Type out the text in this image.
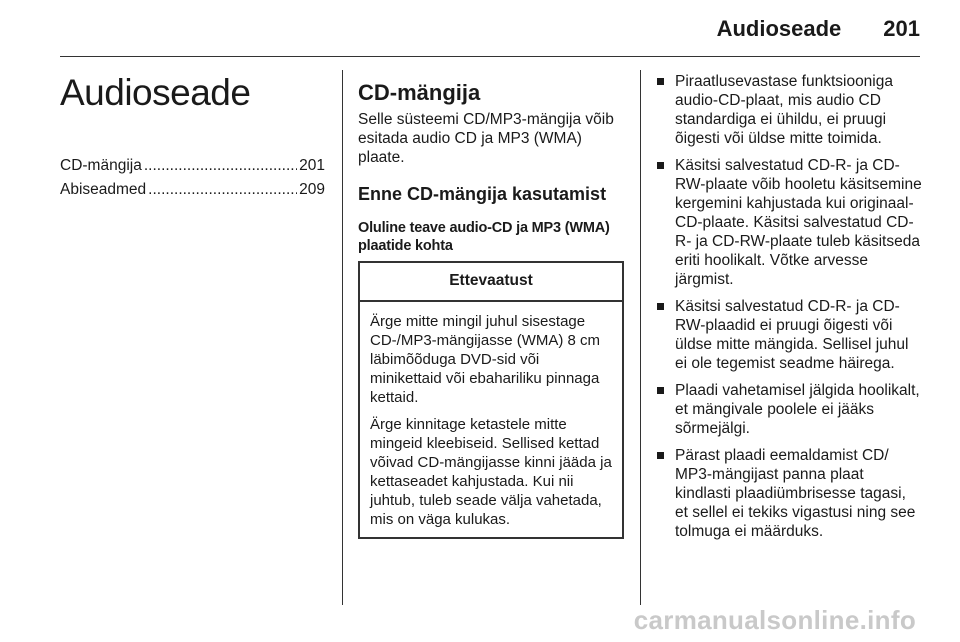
Audioseade 201
Audioseade
CD-mängija .....	201
Abiseadmed .....	209
CD-mängija

Selle süsteemi CD/MP3-mängija võib esitada audio CD ja MP3 (WMA) plaate.

Enne CD-mängija kasutamist

Oluline teave audio-CD ja MP3 (WMA) plaatide kohta

Ettevaatust

Ärge mitte mingil juhul sisestage CD-/MP3-mängijasse (WMA) 8 cm läbimõõduga DVD-sid või minikettaid või ebahariliku pinnaga kettaid.

Ärge kinnitage ketastele mitte mingeid kleebiseid. Sellised kettad võivad CD-mängijasse kinni jääda ja kettaseadet kahjustada. Kui nii juhtub, tuleb seade välja vahetada, mis on väga kulukas.

Piraatlusevastase funktsiooniga audio-CD-plaat, mis audio CD standardiga ei ühildu, ei pruugi õigesti või üldse mitte toimida.
Käsitsi salvestatud CD-R- ja CD-RW-plaate võib hooletu käsitsemine kergemini kahjustada kui originaal-CD-plaate. Käsitsi salvestatud CD-R- ja CD-RW-plaate tuleb käsitseda eriti hoolikalt. Võtke arvesse järgmist.
Käsitsi salvestatud CD-R- ja CD-RW-plaadid ei pruugi õigesti või üldse mitte mängida. Sellisel juhul ei ole tegemist seadme häirega.
Plaadi vahetamisel jälgida hoolikalt, et mängivale poolele ei jääks sõrmejälgi.
Pärast plaadi eemaldamist CD/ MP3-mängijast panna plaat kindlasti plaadiümbrisesse tagasi, et sellel ei tekiks vigastusi ning see tolmuga ei määrduks.
carmanualsonline.info
